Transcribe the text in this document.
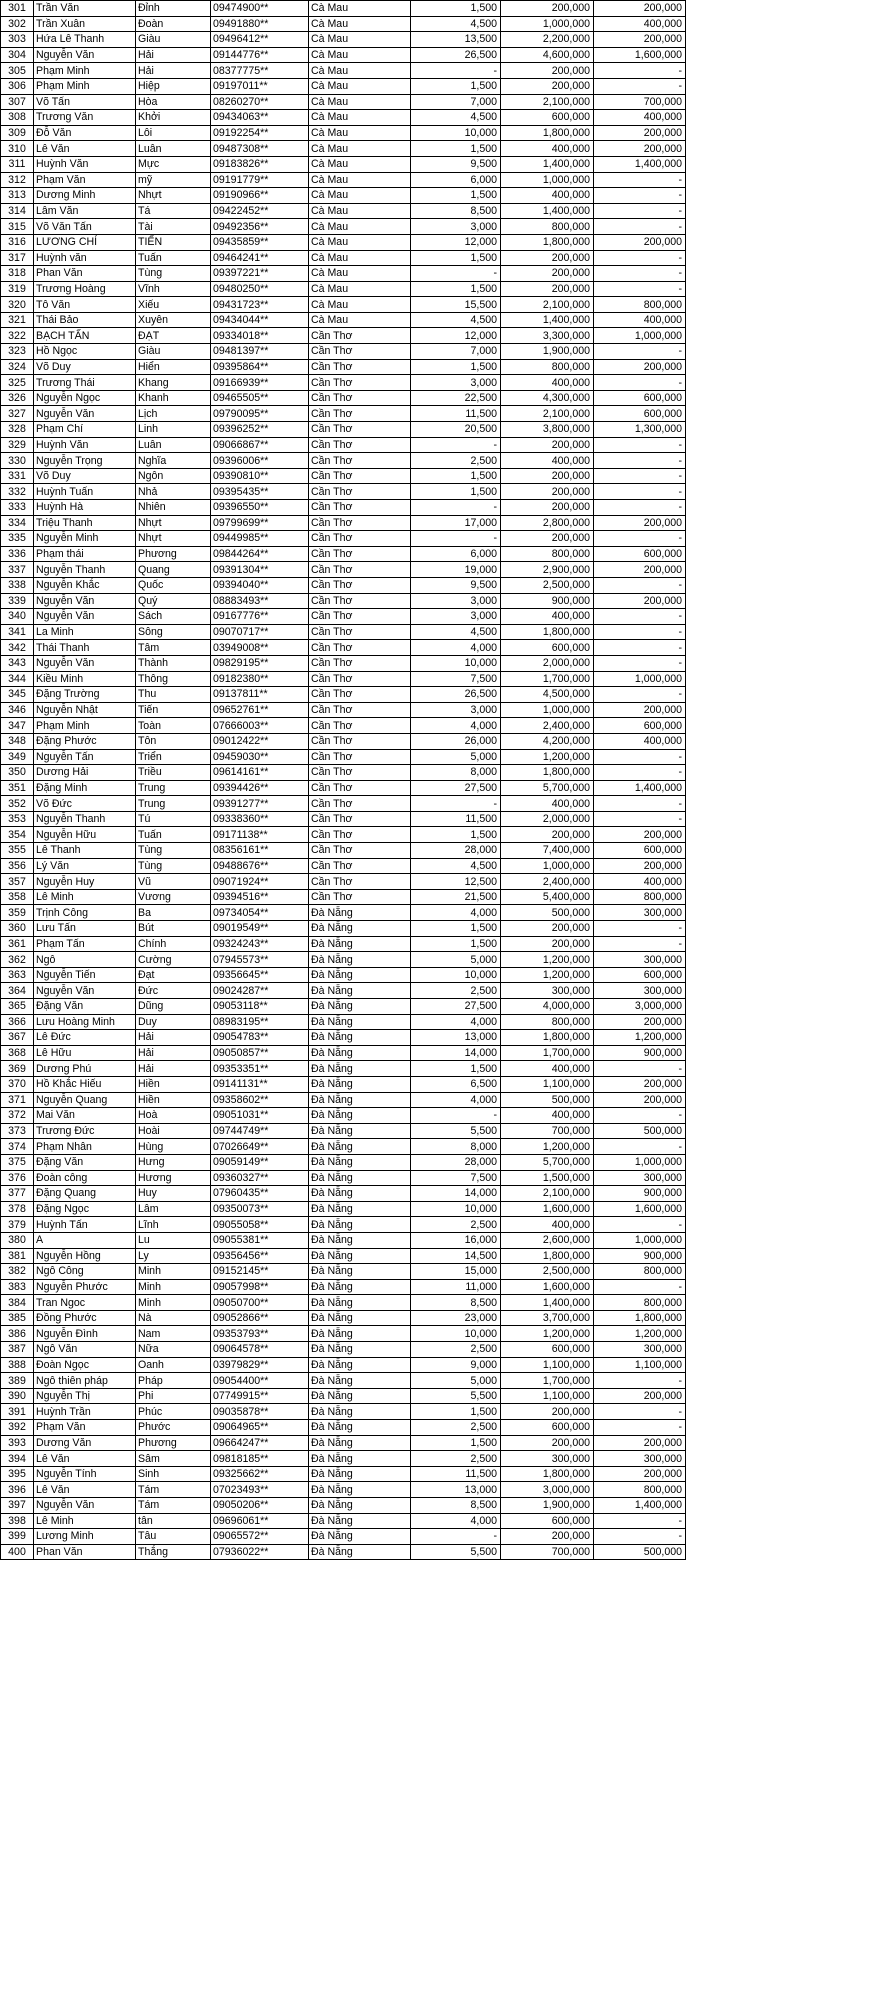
301	Trần Văn	Đỉnh	09474900**	Cà Mau	1,500	200,000	200,000
302	Trần Xuân	Đoàn	09491880**	Cà Mau	4,500	1,000,000	400,000
303	Hứa Lê Thanh	Giàu	09496412**	Cà Mau	13,500	2,200,000	200,000
304	Nguyễn Văn	Hải	09144776**	Cà Mau	26,500	4,600,000	1,600,000
305	Phạm Minh	Hải	08377775**	Cà Mau	-	200,000	-
306	Phạm Minh	Hiệp	09197011**	Cà Mau	1,500	200,000	-
307	Võ Tấn	Hòa	08260270**	Cà Mau	7,000	2,100,000	700,000
308	Trương Văn	Khởi	09434063**	Cà Mau	4,500	600,000	400,000
309	Đỗ Văn	Lôi	09192254**	Cà Mau	10,000	1,800,000	200,000
310	Lê Văn	Luân	09487308**	Cà Mau	1,500	400,000	200,000
311	Huỳnh Văn	Mực	09183826**	Cà Mau	9,500	1,400,000	1,400,000
312	Phạm Văn	mỹ	09191779**	Cà Mau	6,000	1,000,000	-
313	Dương Minh	Nhựt	09190966**	Cà Mau	1,500	400,000	-
314	Lâm Văn	Tá	09422452**	Cà Mau	8,500	1,400,000	-
315	Võ Văn Tấn	Tài	09492356**	Cà Mau	3,000	800,000	-
316	LƯƠNG CHÍ	TIẾN	09435859**	Cà Mau	12,000	1,800,000	200,000
317	Huỳnh văn	Tuấn	09464241**	Cà Mau	1,500	200,000	-
318	Phan Văn	Tùng	09397221**	Cà Mau	-	200,000	-
319	Trương Hoàng	Vĩnh	09480250**	Cà Mau	1,500	200,000	-
320	Tô Văn	Xiếu	09431723**	Cà Mau	15,500	2,100,000	800,000
321	Thái Bảo	Xuyên	09434044**	Cà Mau	4,500	1,400,000	400,000
322	BẠCH TẤN	ĐẠT	09334018**	Cần Thơ	12,000	3,300,000	1,000,000
323	Hồ Ngọc	Giàu	09481397**	Cần Thơ	7,000	1,900,000	-
324	Võ Duy	Hiển	09395864**	Cần Thơ	1,500	800,000	200,000
325	Trương Thái	Khang	09166939**	Cần Thơ	3,000	400,000	-
326	Nguyễn Ngọc	Khanh	09465505**	Cần Thơ	22,500	4,300,000	600,000
327	Nguyễn Văn	Lịch	09790095**	Cần Thơ	11,500	2,100,000	600,000
328	Phạm Chí	Linh	09396252**	Cần Thơ	20,500	3,800,000	1,300,000
329	Huỳnh Văn	Luân	09066867**	Cần Thơ	-	200,000	-
330	Nguyễn Trọng	Nghĩa	09396006**	Cần Thơ	2,500	400,000	-
331	Võ Duy	Ngôn	09390810**	Cần Thơ	1,500	200,000	-
332	Huỳnh Tuấn	Nhả	09395435**	Cần Thơ	1,500	200,000	-
333	Huỳnh Hà	Nhiên	09396550**	Cần Thơ	-	200,000	-
334	Triệu Thanh	Nhựt	09799699**	Cần Thơ	17,000	2,800,000	200,000
335	Nguyễn Minh	Nhựt	09449985**	Cần Thơ	-	200,000	-
336	Phạm thái	Phương	09844264**	Cần Thơ	6,000	800,000	600,000
337	Nguyễn Thanh	Quang	09391304**	Cần Thơ	19,000	2,900,000	200,000
338	Nguyễn Khắc	Quốc	09394040**	Cần Thơ	9,500	2,500,000	-
339	Nguyễn Văn	Quý	08883493**	Cần Thơ	3,000	900,000	200,000
340	Nguyễn Văn	Sách	09167776**	Cần Thơ	3,000	400,000	-
341	La Minh	Sông	09070717**	Cần Thơ	4,500	1,800,000	-
342	Thái Thanh	Tâm	03949008**	Cần Thơ	4,000	600,000	-
343	Nguyễn Văn	Thành	09829195**	Cần Thơ	10,000	2,000,000	-
344	Kiều Minh	Thông	09182380**	Cần Thơ	7,500	1,700,000	1,000,000
345	Đặng Trường	Thu	09137811**	Cần Thơ	26,500	4,500,000	-
346	Nguyễn Nhật	Tiến	09652761**	Cần Thơ	3,000	1,000,000	200,000
347	Phạm Minh	Toàn	07666003**	Cần Thơ	4,000	2,400,000	600,000
348	Đặng Phước	Tôn	09012422**	Cần Thơ	26,000	4,200,000	400,000
349	Nguyễn Tấn	Triển	09459030**	Cần Thơ	5,000	1,200,000	-
350	Dương Hải	Triều	09614161**	Cần Thơ	8,000	1,800,000	-
351	Đặng Minh	Trung	09394426**	Cần Thơ	27,500	5,700,000	1,400,000
352	Võ Đức	Trung	09391277**	Cần Thơ	-	400,000	-
353	Nguyễn Thanh	Tú	09338360**	Cần Thơ	11,500	2,000,000	-
354	Nguyễn Hữu	Tuấn	09171138**	Cần Thơ	1,500	200,000	200,000
355	Lê Thanh	Tùng	08356161**	Cần Thơ	28,000	7,400,000	600,000
356	Lý Văn	Tùng	09488676**	Cần Thơ	4,500	1,000,000	200,000
357	Nguyễn Huy	Vũ	09071924**	Cần Thơ	12,500	2,400,000	400,000
358	Lê Minh	Vương	09394516**	Cần Thơ	21,500	5,400,000	800,000
359	Trịnh Công	Ba	09734054**	Đà Nẵng	4,000	500,000	300,000
360	Lưu Tấn	Bút	09019549**	Đà Nẵng	1,500	200,000	-
361	Phạm Tấn	Chính	09324243**	Đà Nẵng	1,500	200,000	-
362	Ngô	Cường	07945573**	Đà Nẵng	5,000	1,200,000	300,000
363	Nguyễn Tiến	Đạt	09356645**	Đà Nẵng	10,000	1,200,000	600,000
364	Nguyễn Văn	Đức	09024287**	Đà Nẵng	2,500	300,000	300,000
365	Đặng Văn	Dũng	09053118**	Đà Nẵng	27,500	4,000,000	3,000,000
366	Lưu Hoàng Minh	Duy	08983195**	Đà Nẵng	4,000	800,000	200,000
367	Lê Đức	Hải	09054783**	Đà Nẵng	13,000	1,800,000	1,200,000
368	Lê Hữu	Hải	09050857**	Đà Nẵng	14,000	1,700,000	900,000
369	Dương Phú	Hải	09353351**	Đà Nẵng	1,500	400,000	-
370	Hồ Khắc Hiếu	Hiền	09141131**	Đà Nẵng	6,500	1,100,000	200,000
371	Nguyễn Quang	Hiền	09358602**	Đà Nẵng	4,000	500,000	200,000
372	Mai Văn	Hoà	09051031**	Đà Nẵng	-	400,000	-
373	Trương Đức	Hoài	09744749**	Đà Nẵng	5,500	700,000	500,000
374	Phạm Nhân	Hùng	07026649**	Đà Nẵng	8,000	1,200,000	-
375	Đặng Văn	Hưng	09059149**	Đà Nẵng	28,000	5,700,000	1,000,000
376	Đoàn công	Hương	09360327**	Đà Nẵng	7,500	1,500,000	300,000
377	Đặng Quang	Huy	07960435**	Đà Nẵng	14,000	2,100,000	900,000
378	Đặng Ngọc	Lâm	09350073**	Đà Nẵng	10,000	1,600,000	1,600,000
379	Huỳnh Tấn	Lĩnh	09055058**	Đà Nẵng	2,500	400,000	-
380	A	Lu	09055381**	Đà Nẵng	16,000	2,600,000	1,000,000
381	Nguyễn Hồng	Ly	09356456**	Đà Nẵng	14,500	1,800,000	900,000
382	Ngô Công	Minh	09152145**	Đà Nẵng	15,000	2,500,000	800,000
383	Nguyễn Phước	Minh	09057998**	Đà Nẵng	11,000	1,600,000	-
384	Tran Ngoc	Minh	09050700**	Đà Nẵng	8,500	1,400,000	800,000
385	Đồng Phước	Nà	09052866**	Đà Nẵng	23,000	3,700,000	1,800,000
386	Nguyễn Đình	Nam	09353793**	Đà Nẵng	10,000	1,200,000	1,200,000
387	Ngô Văn	Nữa	09064578**	Đà Nẵng	2,500	600,000	300,000
388	Đoàn Ngọc	Oanh	03979829**	Đà Nẵng	9,000	1,100,000	1,100,000
389	Ngô thiên pháp	Pháp	09054400**	Đà Nẵng	5,000	1,700,000	-
390	Nguyễn Thị	Phi	07749915**	Đà Nẵng	5,500	1,100,000	200,000
391	Huỳnh Trần	Phúc	09035878**	Đà Nẵng	1,500	200,000	-
392	Phạm Văn	Phước	09064965**	Đà Nẵng	2,500	600,000	-
393	Dương Văn	Phương	09664247**	Đà Nẵng	1,500	200,000	200,000
394	Lê Văn	Sâm	09818185**	Đà Nẵng	2,500	300,000	300,000
395	Nguyễn Tính	Sinh	09325662**	Đà Nẵng	11,500	1,800,000	200,000
396	Lê Văn	Tám	07023493**	Đà Nẵng	13,000	3,000,000	800,000
397	Nguyễn Văn	Tám	09050206**	Đà Nẵng	8,500	1,900,000	1,400,000
398	Lê Minh	tân	09696061**	Đà Nẵng	4,000	600,000	-
399	Lương Minh	Tâu	09065572**	Đà Nẵng	-	200,000	-
400	Phan Văn	Thắng	07936022**	Đà Nẵng	5,500	700,000	500,000
